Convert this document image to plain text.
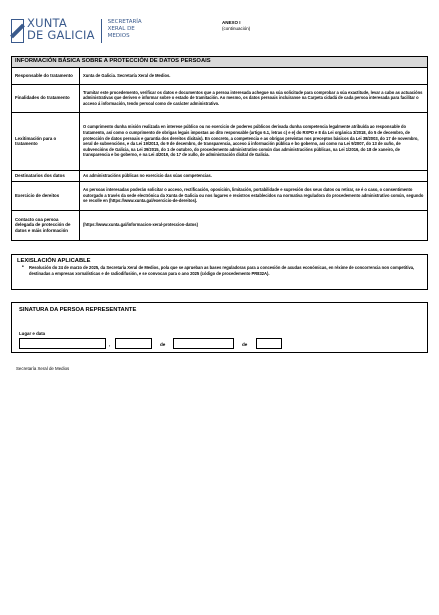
XUNTA
DE GALICIA
SECRETARÍA
XERAL DE
MEDIOS
ANEXO I
(continuación)
INFORMACIÓN BÁSICA SOBRE A PROTECCIÓN DE DATOS PERSOAIS	
Responsable do tratamento	Xunta de Galicia. Secretaría Xeral de Medios.
Finalidades do tratamento	Tramitar este procedemento, verificar os datos e documentos que a persoa interesada achegue na súa solicitude para comprobar a súa exactitude, levar a cabo as actuacións administrativas que deriven e informar sobre o estado de tramitación. Ao mesmo, os datos persoais incluiranse na Carpeta cidadá de cada persoa interesada para facilitar o acceso á información, tendo persoal como de carácter administrativo.
Lexitimación para o tratamento	O cumprimento dunha misión realizada en interese público ou no exercicio de poderes públicos derivada dunha competencia legalmente atribuída ao responsable do tratamento, así como o cumprimento de obrigas legais impostas ao dito responsable (artigo 6.1, letras c) e e) do RXPD e 8 da Lei orgánica 3/2018, do 5 de decembro, de protección de datos persoais e garantía dos dereitos dixitais). En concreto, a competencia e as obrigas previstas nos preceptos básicos da Lei 38/2003, do 17 de novembro, xeral de subvencións, e da Lei 19/2013, do 9 de decembro, de transparencia, acceso á información pública e bo goberno, así como na Lei 9/2007, do 13 de xuño, de subvencións de Galicia, na Lei 39/2015, do 1 de outubro, do procedemento administrativo común das administracións públicas, na Lei 1/2016, do 18 de xaneiro, de transparencia e bo goberno, e na Lei 4/2019, do 17 de xullo, de administración dixital de Galicia.
Destinatarios dos datos	As administracións públicas no exercicio das súas competencias.
Exercicio de dereitos	As persoas interesadas poderán solicitar o acceso, rectificación, oposición, limitación, portabilidade e supresión dos seus datos ou retirar, se é o caso, o consentimento outorgado a través da sede electrónica da Xunta de Galicia ou nos lugares e rexistros establecidos na normativa reguladora do procedemento administrativo común, segundo se recolle en (https://www.xunta.gal/exercicio-de-dereitos).
Contacto coa persoa delegada de protección de datos e máis información	(https://www.xunta.gal/informacion-xeral-proteccion-datos)
LEXISLACIÓN APLICABLE
• Resolución do 24 de marzo de 2025, da Secretaría Xeral de Medios, pola que se aprueban as bases reguladoras para a concesión de axudas económicas, en réxime de concorrencia non competitiva, destinadas a empresas xornalísticas e de radiodifusión, e se convocan para o ano 2025 (código de procedemento PR832A).
SINATURA DA PERSOA REPRESENTANTE
Lugar e data
,	de	de
Secretaría Xeral de Medios
